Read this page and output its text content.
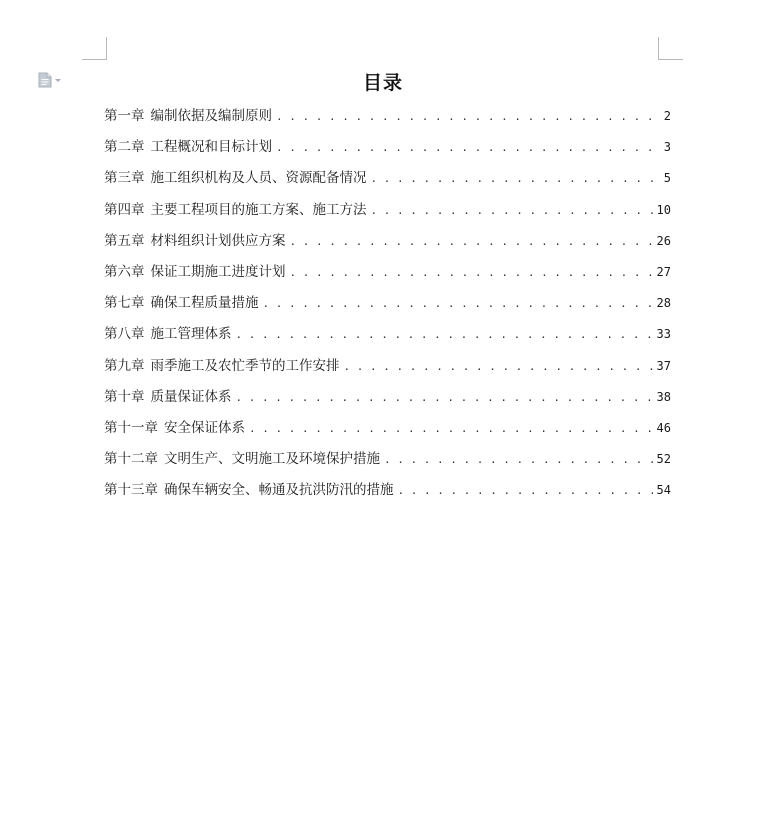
目录
第一章 编制依据及编制原则 . . .	2
第二章 工程概况和目标计划 . . .	3
第三章 施工组织机构及人员、资源配备情况 . . .	5
第四章 主要工程项目的施工方案、施工方法 . . .	10
第五章 材料组织计划供应方案 . . .	26
第六章 保证工期施工进度计划 . . .	27
第七章 确保工程质量措施 . . .	28
第八章 施工管理体系 . . .	33
第九章 雨季施工及农忙季节的工作安排 . . .	37
第十章 质量保证体系 . . .	38
第十一章 安全保证体系 . . .	46
第十二章 文明生产、文明施工及环境保护措施 . . .	52
第十三章 确保车辆安全、畅通及抗洪防汛的措施 . . .	54
